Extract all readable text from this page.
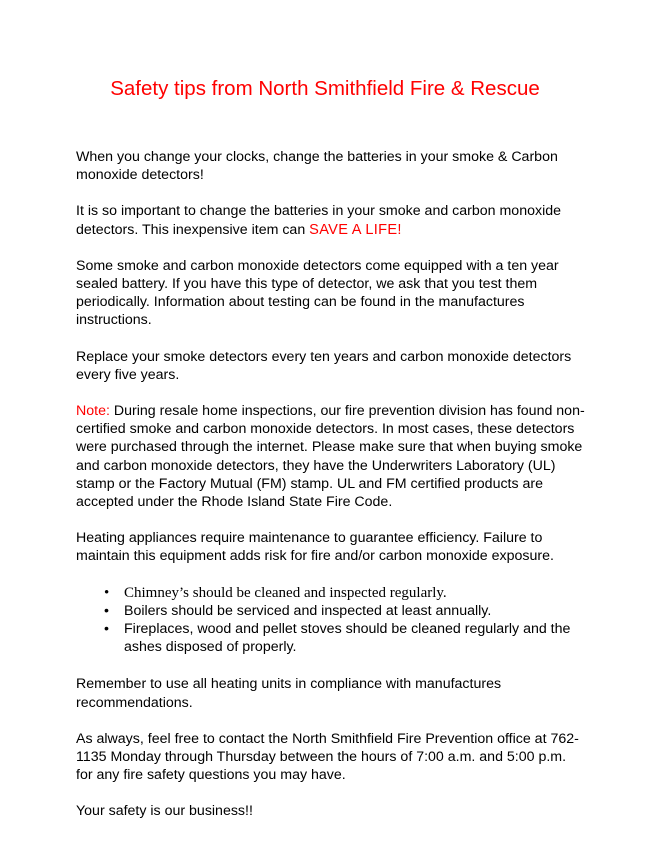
Safety tips from North Smithfield Fire & Rescue

When you change your clocks, change the batteries in your smoke & Carbon monoxide detectors!

It is so important to change the batteries in your smoke and carbon monoxide detectors. This inexpensive item can SAVE A LIFE!

Some smoke and carbon monoxide detectors come equipped with a ten year sealed battery. If you have this type of detector, we ask that you test them periodically. Information about testing can be found in the manufactures instructions.

Replace your smoke detectors every ten years and carbon monoxide detectors every five years.

Note: During resale home inspections, our fire prevention division has found non-certified smoke and carbon monoxide detectors. In most cases, these detectors were purchased through the internet. Please make sure that when buying smoke and carbon monoxide detectors, they have the Underwriters Laboratory (UL) stamp or the Factory Mutual (FM) stamp. UL and FM certified products are accepted under the Rhode Island State Fire Code.

Heating appliances require maintenance to guarantee efficiency. Failure to maintain this equipment adds risk for fire and/or carbon monoxide exposure.

• Chimney’s should be cleaned and inspected regularly.
• Boilers should be serviced and inspected at least annually.
• Fireplaces, wood and pellet stoves should be cleaned regularly and the ashes disposed of properly.

Remember to use all heating units in compliance with manufactures recommendations.

As always, feel free to contact the North Smithfield Fire Prevention office at 762-1135 Monday through Thursday between the hours of 7:00 a.m. and 5:00 p.m. for any fire safety questions you may have.

Your safety is our business!!
